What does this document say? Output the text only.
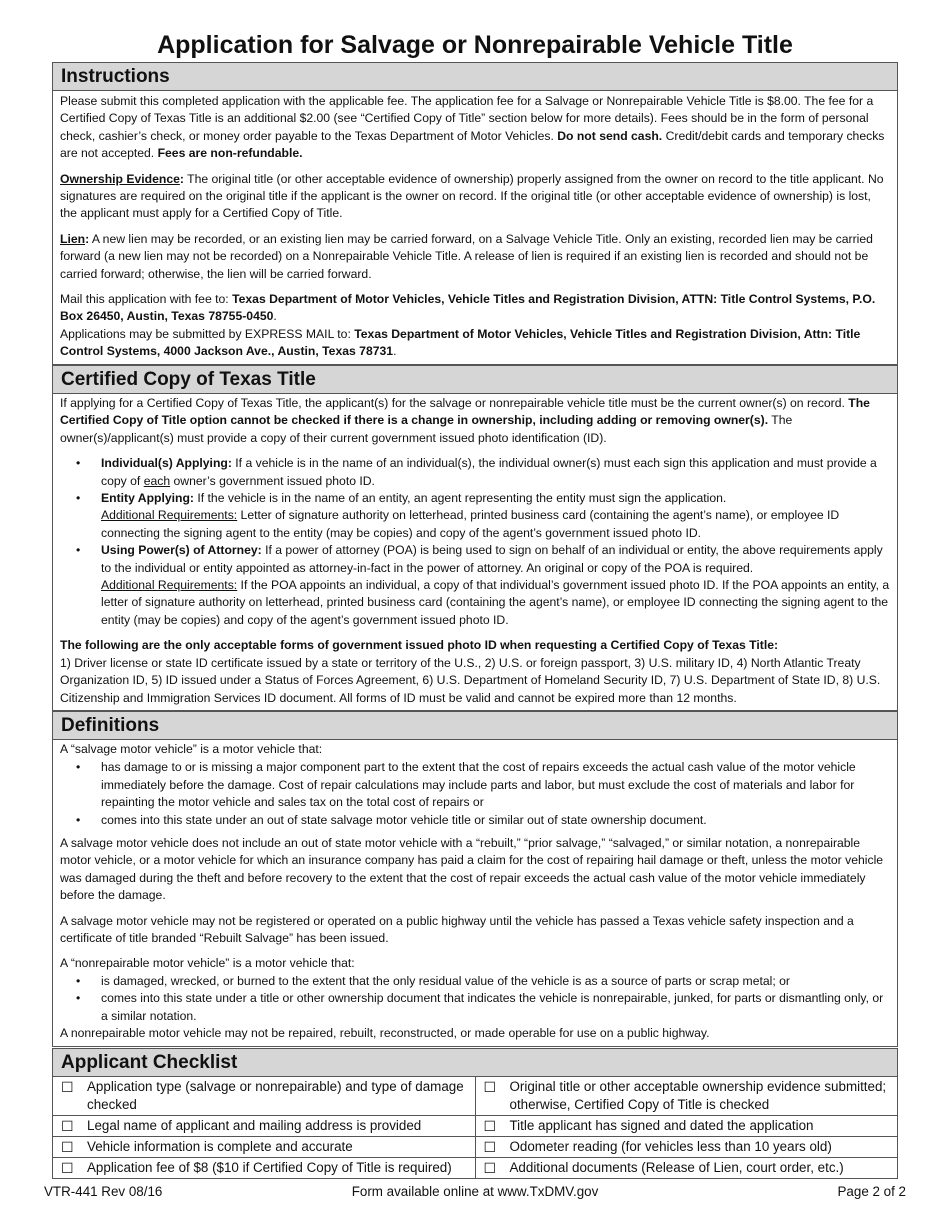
Application for Salvage or Nonrepairable Vehicle Title
Instructions

Please submit this completed application with the applicable fee. The application fee for a Salvage or Nonrepairable Vehicle Title is $8.00. The fee for a Certified Copy of Texas Title is an additional $2.00 (see “Certified Copy of Title” section below for more details). Fees should be in the form of personal check, cashier’s check, or money order payable to the Texas Department of Motor Vehicles. Do not send cash. Credit/debit cards and temporary checks are not accepted. Fees are non-refundable.

Ownership Evidence: The original title (or other acceptable evidence of ownership) properly assigned from the owner on record to the title applicant. No signatures are required on the original title if the applicant is the owner on record. If the original title (or other acceptable evidence of ownership) is lost, the applicant must apply for a Certified Copy of Title.

Lien: A new lien may be recorded, or an existing lien may be carried forward, on a Salvage Vehicle Title. Only an existing, recorded lien may be carried forward (a new lien may not be recorded) on a Nonrepairable Vehicle Title. A release of lien is required if an existing lien is recorded and should not be carried forward; otherwise, the lien will be carried forward.

Mail this application with fee to: Texas Department of Motor Vehicles, Vehicle Titles and Registration Division, ATTN: Title Control Systems, P.O. Box 26450, Austin, Texas 78755-0450.

Applications may be submitted by EXPRESS MAIL to: Texas Department of Motor Vehicles, Vehicle Titles and Registration Division, Attn: Title Control Systems, 4000 Jackson Ave., Austin, Texas 78731.

Certified Copy of Texas Title

If applying for a Certified Copy of Texas Title, the applicant(s) for the salvage or nonrepairable vehicle title must be the current owner(s) on record. The Certified Copy of Title option cannot be checked if there is a change in ownership, including adding or removing owner(s). The owner(s)/applicant(s) must provide a copy of their current government issued photo identification (ID).

• Individual(s) Applying: If a vehicle is in the name of an individual(s), the individual owner(s) must each sign this application and must provide a copy of each owner’s government issued photo ID.
• Entity Applying: If the vehicle is in the name of an entity, an agent representing the entity must sign the application.
Additional Requirements: Letter of signature authority on letterhead, printed business card (containing the agent’s name), or employee ID connecting the signing agent to the entity (may be copies) and copy of the agent’s government issued photo ID.
• Using Power(s) of Attorney: If a power of attorney (POA) is being used to sign on behalf of an individual or entity, the above requirements apply to the individual or entity appointed as attorney-in-fact in the power of attorney. An original or copy of the POA is required.
Additional Requirements: If the POA appoints an individual, a copy of that individual’s government issued photo ID. If the POA appoints an entity, a letter of signature authority on letterhead, printed business card (containing the agent’s name), or employee ID connecting the signing agent to the entity (may be copies) and copy of the agent’s government issued photo ID.

The following are the only acceptable forms of government issued photo ID when requesting a Certified Copy of Texas Title:

1) Driver license or state ID certificate issued by a state or territory of the U.S., 2) U.S. or foreign passport, 3) U.S. military ID, 4) North Atlantic Treaty Organization ID, 5) ID issued under a Status of Forces Agreement, 6) U.S. Department of Homeland Security ID, 7) U.S. Department of State ID, 8) U.S. Citizenship and Immigration Services ID document. All forms of ID must be valid and cannot be expired more than 12 months.

Definitions

A “salvage motor vehicle” is a motor vehicle that:

• has damage to or is missing a major component part to the extent that the cost of repairs exceeds the actual cash value of the motor vehicle immediately before the damage. Cost of repair calculations may include parts and labor, but must exclude the cost of materials and labor for repainting the motor vehicle and sales tax on the total cost of repairs or
• comes into this state under an out of state salvage motor vehicle title or similar out of state ownership document.

A salvage motor vehicle does not include an out of state motor vehicle with a “rebuilt,” “prior salvage,” “salvaged,” or similar notation, a nonrepairable motor vehicle, or a motor vehicle for which an insurance company has paid a claim for the cost of repairing hail damage or theft, unless the motor vehicle was damaged during the theft and before recovery to the extent that the cost of repair exceeds the actual cash value of the motor vehicle immediately before the damage.

A salvage motor vehicle may not be registered or operated on a public highway until the vehicle has passed a Texas vehicle safety inspection and a certificate of title branded “Rebuilt Salvage” has been issued.

A “nonrepairable motor vehicle” is a motor vehicle that:

• is damaged, wrecked, or burned to the extent that the only residual value of the vehicle is as a source of parts or scrap metal; or
• comes into this state under a title or other ownership document that indicates the vehicle is nonrepairable, junked, for parts or dismantling only, or a similar notation.

A nonrepairable motor vehicle may not be repaired, rebuilt, reconstructed, or made operable for use on a public highway.

Applicant Checklist
☐ Application type (salvage or nonrepairable) and type of damage checked	☐ Original title or other acceptable ownership evidence submitted; otherwise, Certified Copy of Title is checked

☐ Legal name of applicant and mailing address is provided	☐ Title applicant has signed and dated the application

☐ Vehicle information is complete and accurate	☐ Odometer reading (for vehicles less than 10 years old)

☐ Application fee of $8 ($10 if Certified Copy of Title is required)	☐ Additional documents (Release of Lien, court order, etc.)
VTR-441 Rev 08/16	Form available online at www.TxDMV.gov	Page 2 of 2
